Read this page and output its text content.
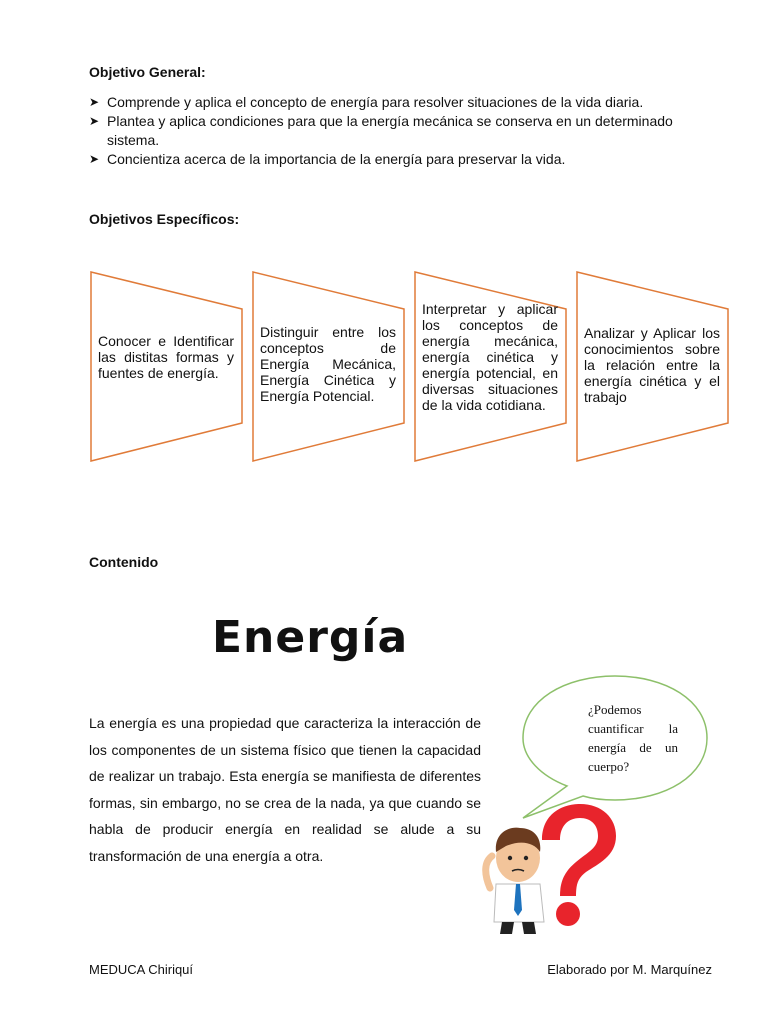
Objetivo General:
➤ Comprende y aplica el concepto de energía para resolver situaciones de la vida diaria.
➤ Plantea y aplica condiciones para que la energía mecánica se conserva en un determinado sistema.
➤ Concientiza acerca de la importancia de la energía para preservar la vida.
Objetivos Específicos:
Conocer e Identificar las distitas formas y fuentes de energía.
Distinguir entre los conceptos de Energía Mecánica, Energía Cinética y Energía Potencial.
Interpretar y aplicar los conceptos de energía mecánica, energía cinética y energía potencial, en diversas situaciones de la vida cotidiana.
Analizar y Aplicar los conocimientos sobre la relación entre la energía cinética y el trabajo
Contenido
Energía

La energía es una propiedad que caracteriza la interacción de los componentes de un sistema físico que tienen la capacidad de realizar un trabajo. Esta energía se manifiesta de diferentes formas, sin embargo, no se crea de la nada, ya que cuando se habla de producir energía en realidad se alude a su transformación de una energía a otra.

¿Podemos cuantificar la energía de un cuerpo?
MEDUCA Chiriquí	Elaborado por M. Marquínez
